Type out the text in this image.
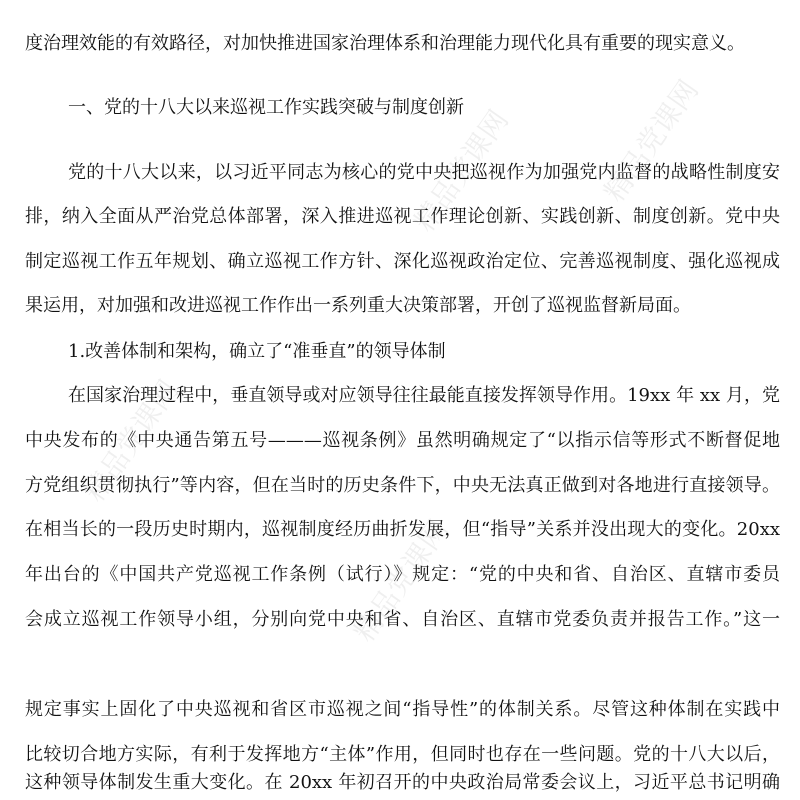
精品党课网
精品党课网	精品党课网
精品党课网
度治理效能的有效路径，对加快推进国家治理体系和治理能力现代化具有重要的现实意义。
一、党的十八大以来巡视工作实践突破与制度创新
党的十八大以来，以习近平同志为核心的党中央把巡视作为加强党内监督的战略性制度安
排，纳入全面从严治党总体部署，深入推进巡视工作理论创新、实践创新、制度创新。党中央
制定巡视工作五年规划、确立巡视工作方针、深化巡视政治定位、完善巡视制度、强化巡视成
果运用，对加强和改进巡视工作作出一系列重大决策部署，开创了巡视监督新局面。
1.改善体制和架构，确立了“准垂直”的领导体制
在国家治理过程中，垂直领导或对应领导往往最能直接发挥领导作用。19xx 年 xx 月，党
中央发布的《中央通告第五号———巡视条例》虽然明确规定了“以指示信等形式不断督促地
方党组织贯彻执行”等内容，但在当时的历史条件下，中央无法真正做到对各地进行直接领导。
在相当长的一段历史时期内，巡视制度经历曲折发展，但“指导”关系并没出现大的变化。20xx
年出台的《中国共产党巡视工作条例（试行）》规定：“党的中央和省、自治区、直辖市委员
会成立巡视工作领导小组，分别向党中央和省、自治区、直辖市党委负责并报告工作。”这一
规定事实上固化了中央巡视和省区市巡视之间“指导性”的体制关系。尽管这种体制在实践中
比较切合地方实际，有利于发挥地方“主体”作用，但同时也存在一些问题。党的十八大以后，
这种领导体制发生重大变化。在 20xx 年初召开的中央政治局常委会议上，习近平总书记明确
